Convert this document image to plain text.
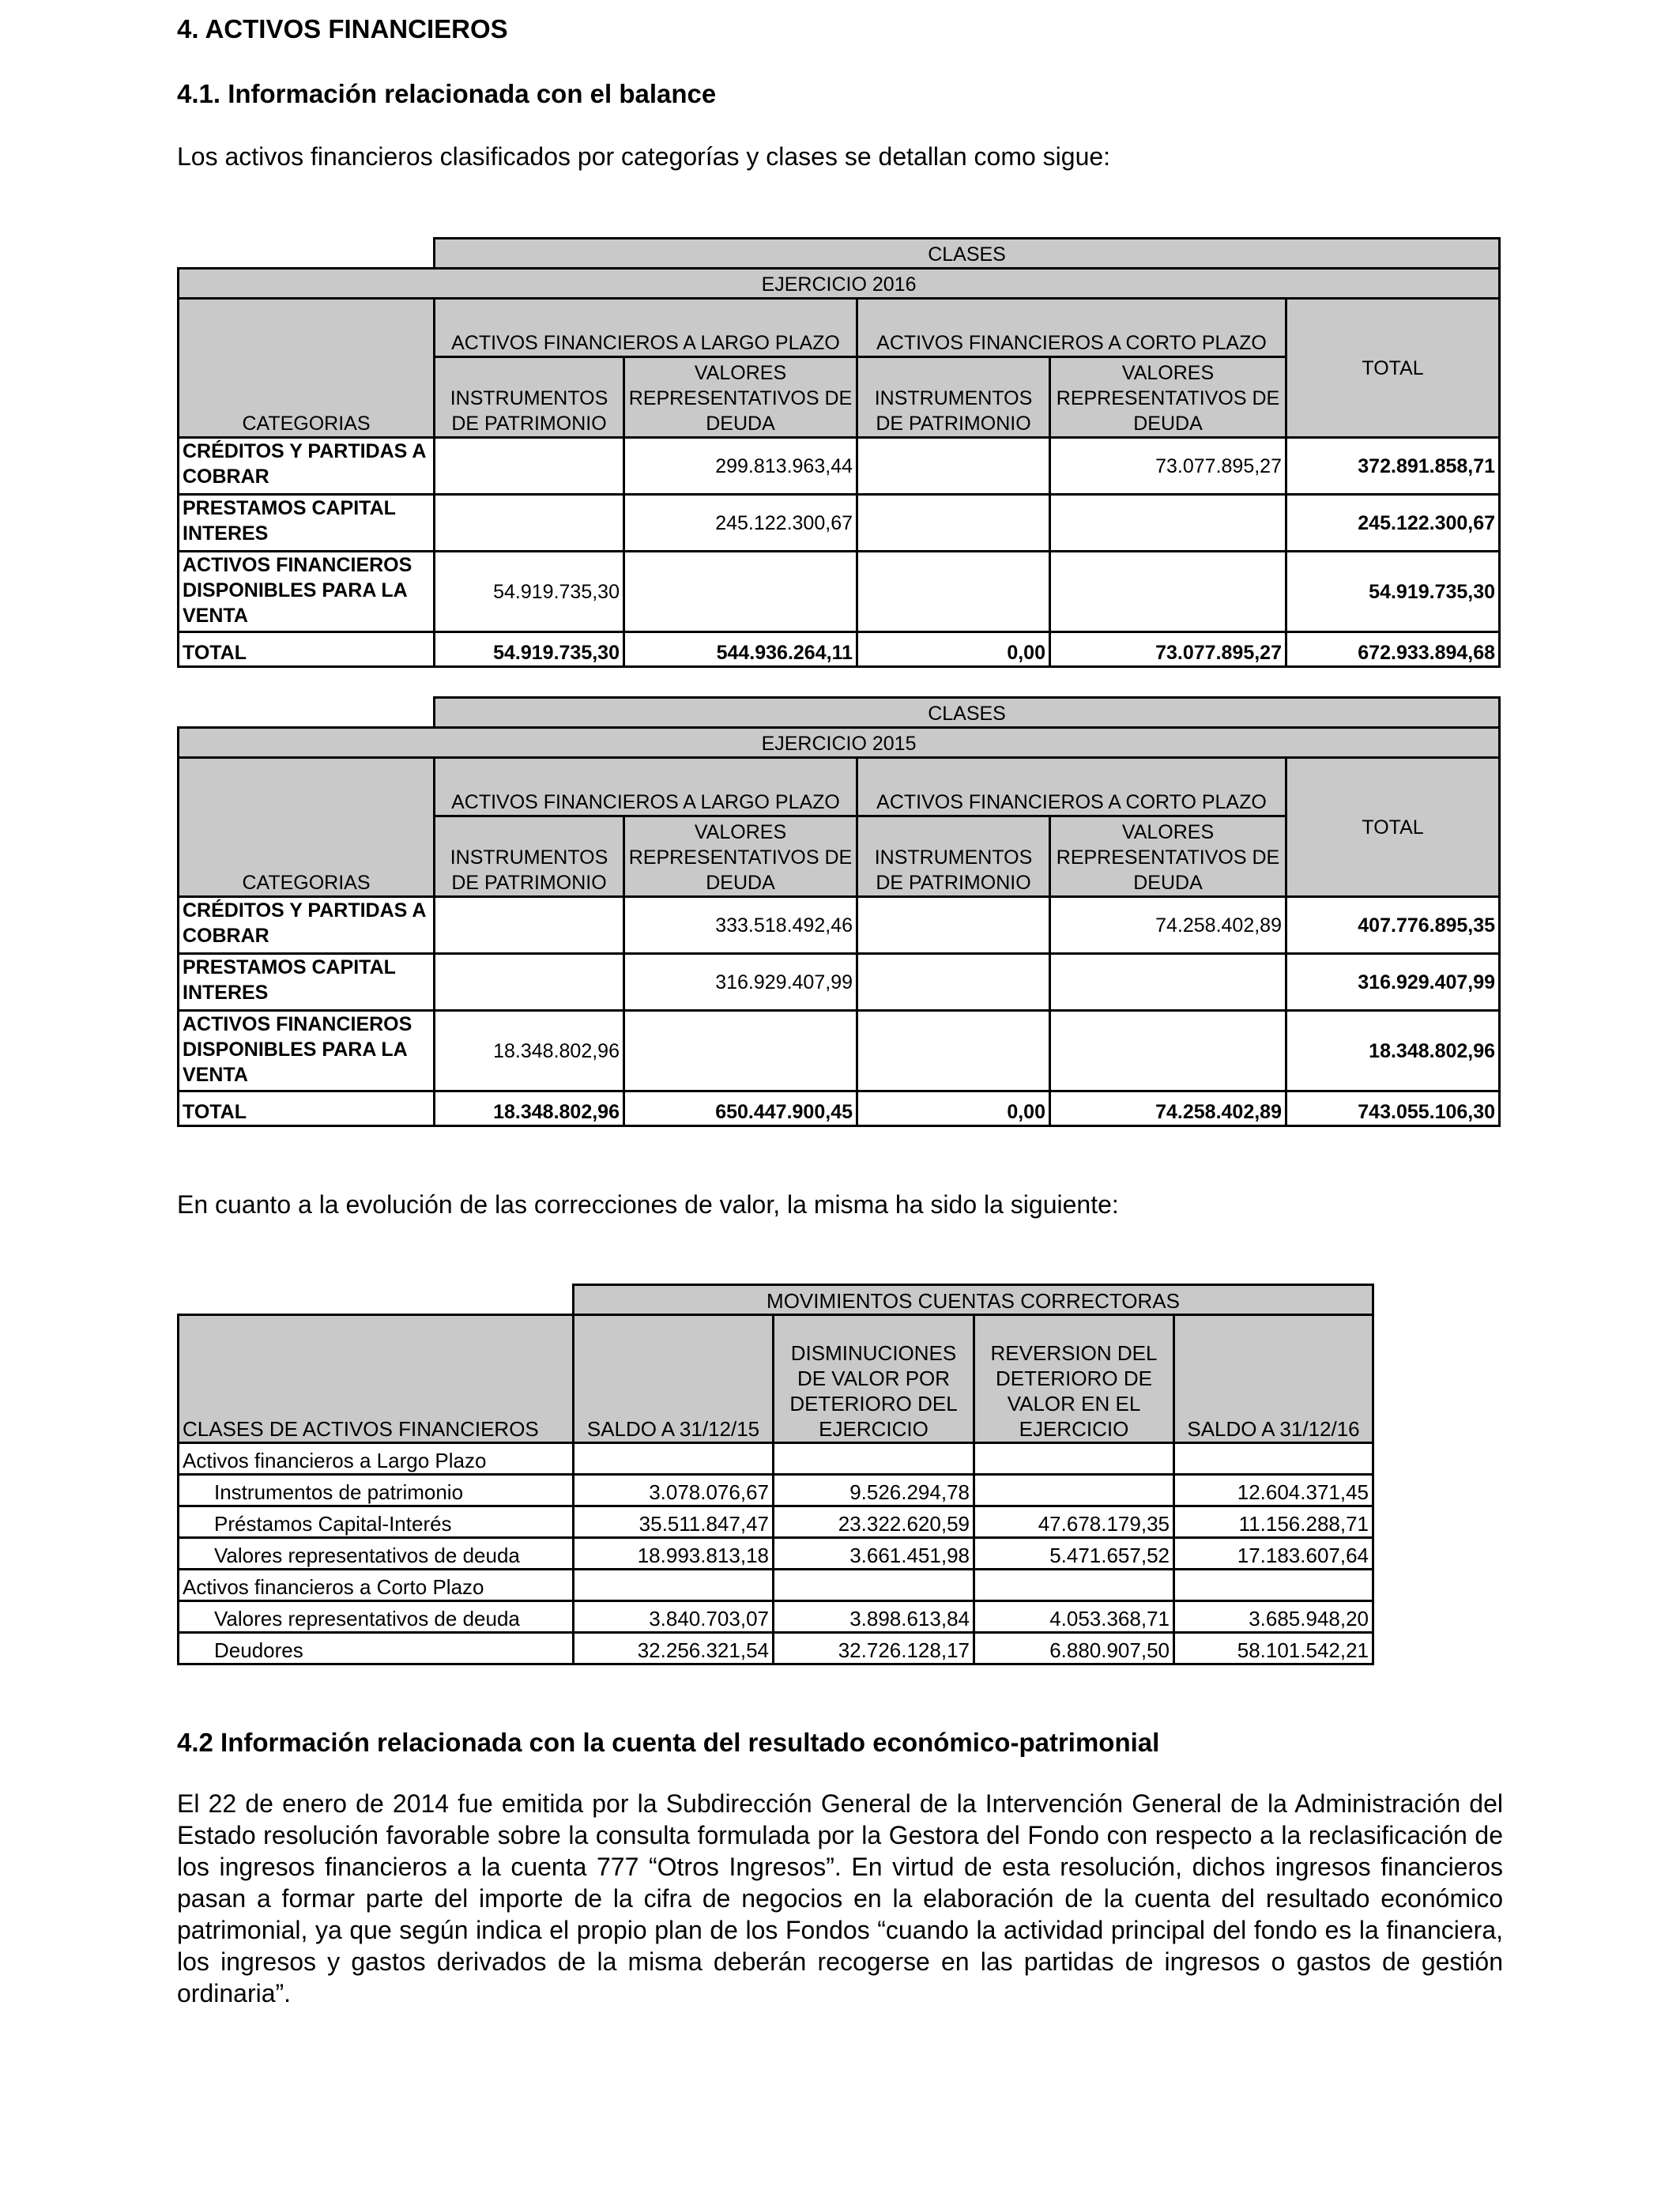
4. ACTIVOS FINANCIEROS
4.1. Información relacionada con el balance
Los activos financieros clasificados por categorías y clases se detallan como sigue:
	CLASES				
EJERCICIO 2016					
CATEGORIAS	ACTIVOS FINANCIEROS A LARGO PLAZO		ACTIVOS FINANCIEROS A CORTO PLAZO		TOTAL
	INSTRUMENTOS DE PATRIMONIO	VALORES REPRESENTATIVOS DE DEUDA	INSTRUMENTOS DE PATRIMONIO	VALORES REPRESENTATIVOS DE DEUDA	
CRÉDITOS Y PARTIDAS A COBRAR		299.813.963,44		73.077.895,27	372.891.858,71
PRESTAMOS CAPITAL INTERES		245.122.300,67			245.122.300,67
ACTIVOS FINANCIEROS DISPONIBLES PARA LA VENTA	54.919.735,30				54.919.735,30
TOTAL	54.919.735,30	544.936.264,11	0,00	73.077.895,27	672.933.894,68
	CLASES				
EJERCICIO 2015					
CATEGORIAS	ACTIVOS FINANCIEROS A LARGO PLAZO		ACTIVOS FINANCIEROS A CORTO PLAZO		TOTAL
	INSTRUMENTOS DE PATRIMONIO	VALORES REPRESENTATIVOS DE DEUDA	INSTRUMENTOS DE PATRIMONIO	VALORES REPRESENTATIVOS DE DEUDA	
CRÉDITOS Y PARTIDAS A COBRAR		333.518.492,46		74.258.402,89	407.776.895,35
PRESTAMOS CAPITAL INTERES		316.929.407,99			316.929.407,99
ACTIVOS FINANCIEROS DISPONIBLES PARA LA VENTA	18.348.802,96				18.348.802,96
TOTAL	18.348.802,96	650.447.900,45	0,00	74.258.402,89	743.055.106,30
En cuanto a la evolución de las correcciones de valor, la misma ha sido la siguiente:
	MOVIMIENTOS CUENTAS CORRECTORAS			
CLASES DE ACTIVOS FINANCIEROS	SALDO A 31/12/15	DISMINUCIONES DE VALOR POR DETERIORO DEL EJERCICIO	REVERSION DEL DETERIORO DE VALOR EN EL EJERCICIO	SALDO A 31/12/16
Activos financieros a Largo Plazo				
Instrumentos de patrimonio	3.078.076,67	9.526.294,78		12.604.371,45
Préstamos Capital-Interés	35.511.847,47	23.322.620,59	47.678.179,35	11.156.288,71
Valores representativos de deuda	18.993.813,18	3.661.451,98	5.471.657,52	17.183.607,64
Activos financieros a Corto Plazo				
Valores representativos de deuda	3.840.703,07	3.898.613,84	4.053.368,71	3.685.948,20
Deudores	32.256.321,54	32.726.128,17	6.880.907,50	58.101.542,21
4.2 Información relacionada con la cuenta del resultado económico-patrimonial

El 22 de enero de 2014 fue emitida por la Subdirección General de la Intervención General de la Administración del Estado resolución favorable sobre la consulta formulada por la Gestora del Fondo con respecto a la reclasificación de los ingresos financieros a la cuenta 777 “Otros Ingresos”. En virtud de esta resolución, dichos ingresos financieros pasan a formar parte del importe de la cifra de negocios en la elaboración de la cuenta del resultado económico patrimonial, ya que según indica el propio plan de los Fondos “cuando la actividad principal del fondo es la financiera, los ingresos y gastos derivados de la misma deberán recogerse en las partidas de ingresos o gastos de gestión ordinaria”.
